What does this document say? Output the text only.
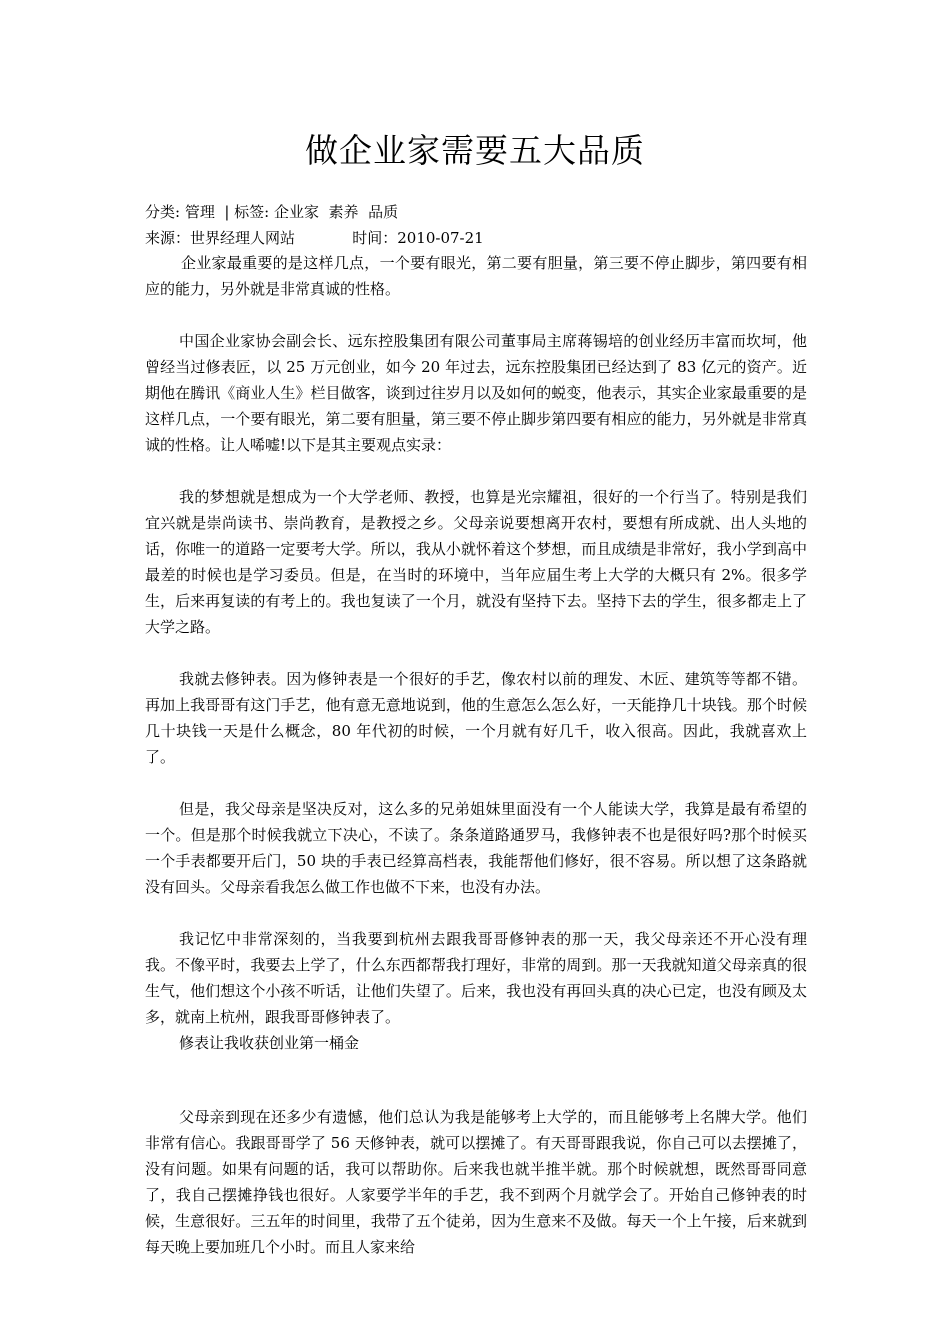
做企业家需要五大品质
分类: 管理  | 标签: 企业家  素养  品质
来源：世界经理人网站            时间：2010-07-21

企业家最重要的是这样几点，一个要有眼光，第二要有胆量，第三要不停止脚步，第四要有相应的能力，另外就是非常真诚的性格。

中国企业家协会副会长、远东控股集团有限公司董事局主席蒋锡培的创业经历丰富而坎坷，他曾经当过修表匠，以 25 万元创业，如今 20 年过去，远东控股集团已经达到了 83 亿元的资产。近期他在腾讯《商业人生》栏目做客，谈到过往岁月以及如何的蜕变，他表示，其实企业家最重要的是这样几点，一个要有眼光，第二要有胆量，第三要不停止脚步第四要有相应的能力，另外就是非常真诚的性格。让人唏嘘!以下是其主要观点实录：

我的梦想就是想成为一个大学老师、教授，也算是光宗耀祖，很好的一个行当了。特别是我们宜兴就是崇尚读书、崇尚教育，是教授之乡。父母亲说要想离开农村，要想有所成就、出人头地的话，你唯一的道路一定要考大学。所以，我从小就怀着这个梦想，而且成绩是非常好，我小学到高中最差的时候也是学习委员。但是，在当时的环境中，当年应届生考上大学的大概只有 2%。很多学生，后来再复读的有考上的。我也复读了一个月，就没有坚持下去。坚持下去的学生，很多都走上了大学之路。

我就去修钟表。因为修钟表是一个很好的手艺，像农村以前的理发、木匠、建筑等等都不错。再加上我哥哥有这门手艺，他有意无意地说到，他的生意怎么怎么好，一天能挣几十块钱。那个时候几十块钱一天是什么概念，80 年代初的时候，一个月就有好几千，收入很高。因此，我就喜欢上了。

但是，我父母亲是坚决反对，这么多的兄弟姐妹里面没有一个人能读大学，我算是最有希望的一个。但是那个时候我就立下决心，不读了。条条道路通罗马，我修钟表不也是很好吗?那个时候买一个手表都要开后门，50 块的手表已经算高档表，我能帮他们修好，很不容易。所以想了这条路就没有回头。父母亲看我怎么做工作也做不下来，也没有办法。

我记忆中非常深刻的，当我要到杭州去跟我哥哥修钟表的那一天，我父母亲还不开心没有理我。不像平时，我要去上学了，什么东西都帮我打理好，非常的周到。那一天我就知道父母亲真的很生气，他们想这个小孩不听话，让他们失望了。后来，我也没有再回头真的决心已定，也没有顾及太多，就南上杭州，跟我哥哥修钟表了。

修表让我收获创业第一桶金

父母亲到现在还多少有遗憾，他们总认为我是能够考上大学的，而且能够考上名牌大学。他们非常有信心。我跟哥哥学了 56 天修钟表，就可以摆摊了。有天哥哥跟我说，你自己可以去摆摊了，没有问题。如果有问题的话，我可以帮助你。后来我也就半推半就。那个时候就想，既然哥哥同意了，我自己摆摊挣钱也很好。人家要学半年的手艺，我不到两个月就学会了。开始自己修钟表的时候，生意很好。三五年的时间里，我带了五个徒弟，因为生意来不及做。每天一个上午接，后来就到每天晚上要加班几个小时。而且人家来给
